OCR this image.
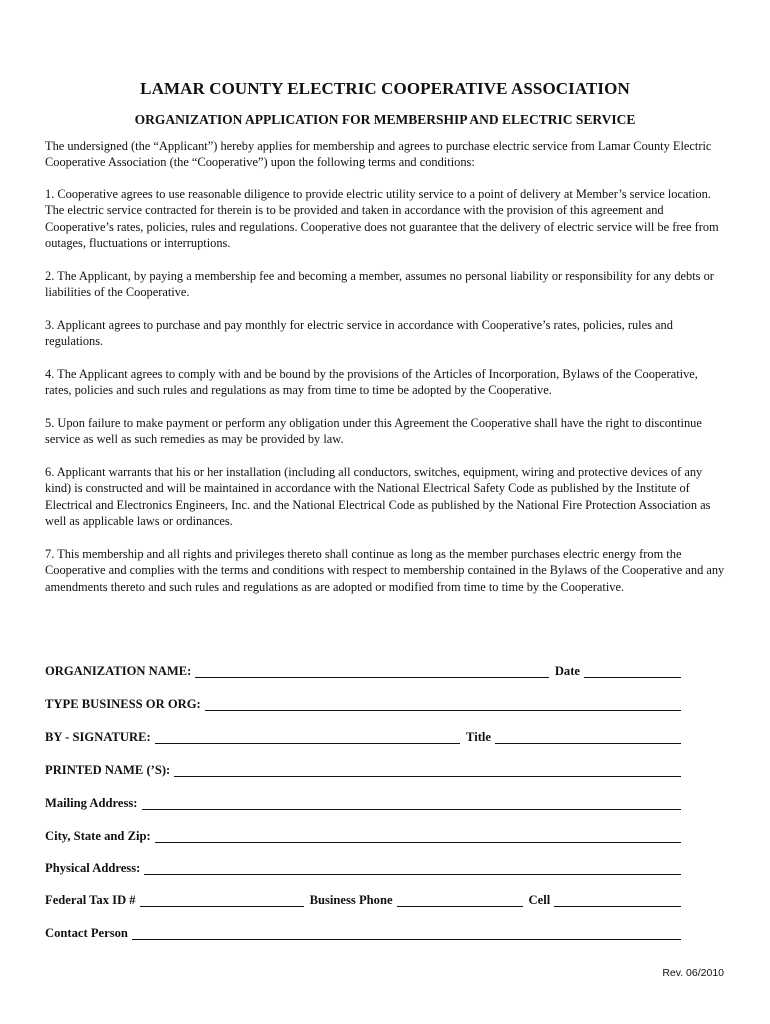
LAMAR COUNTY ELECTRIC COOPERATIVE ASSOCIATION
ORGANIZATION APPLICATION FOR MEMBERSHIP AND ELECTRIC SERVICE

The undersigned (the “Applicant”) hereby applies for membership and agrees to purchase electric service from Lamar County Electric Cooperative Association (the “Cooperative”) upon the following terms and conditions:

1. Cooperative agrees to use reasonable diligence to provide electric utility service to a point of delivery at Member’s service location. The electric service contracted for therein is to be provided and taken in accordance with the provision of this agreement and Cooperative’s rates, policies, rules and regulations. Cooperative does not guarantee that the delivery of electric service will be free from outages, fluctuations or interruptions.

2. The Applicant, by paying a membership fee and becoming a member, assumes no personal liability or responsibility for any debts or liabilities of the Cooperative.

3. Applicant agrees to purchase and pay monthly for electric service in accordance with Cooperative’s rates, policies, rules and regulations.

4. The Applicant agrees to comply with and be bound by the provisions of the Articles of Incorporation, Bylaws of the Cooperative, rates, policies and such rules and regulations as may from time to time be adopted by the Cooperative.

5. Upon failure to make payment or perform any obligation under this Agreement the Cooperative shall have the right to discontinue service as well as such remedies as may be provided by law.

6. Applicant warrants that his or her installation (including all conductors, switches, equipment, wiring and protective devices of any kind) is constructed and will be maintained in accordance with the National Electrical Safety Code as published by the Institute of Electrical and Electronics Engineers, Inc. and the National Electrical Code as published by the National Fire Protection Association as well as applicable laws or ordinances.

7. This membership and all rights and privileges thereto shall continue as long as the member purchases electric energy from the Cooperative and complies with the terms and conditions with respect to membership contained in the Bylaws of the Cooperative and any amendments thereto and such rules and regulations as are adopted or modified from time to time by the Cooperative.

ORGANIZATION NAME:	Date
TYPE BUSINESS OR ORG:
BY - SIGNATURE:	Title
PRINTED NAME (’S):
Mailing Address:
City, State and Zip:
Physical Address:
Federal Tax ID #	Business Phone	Cell
Contact Person
Rev. 06/2010
